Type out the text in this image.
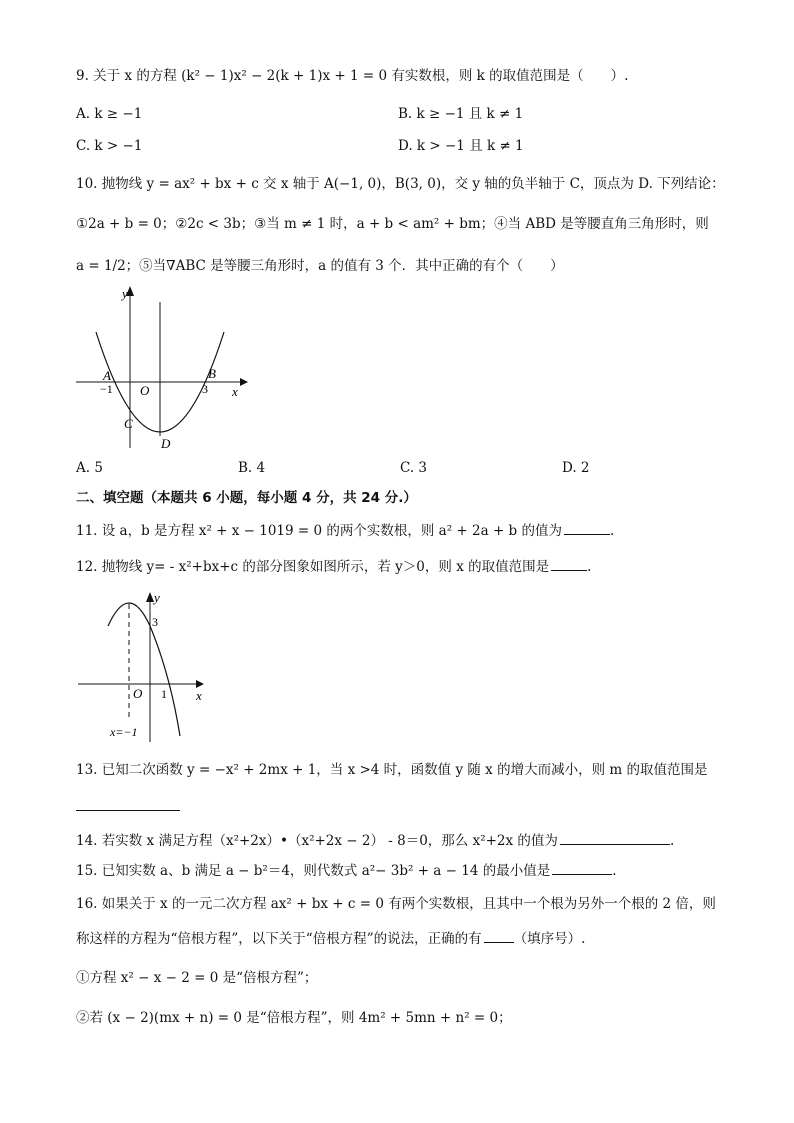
9. 关于 x 的方程 (k² − 1)x² − 2(k + 1)x + 1 = 0 有实数根，则 k 的取值范围是（　　）.
A. k ≥ −1	B. k ≥ −1 且 k ≠ 1
C. k > −1	D. k > −1 且 k ≠ 1
10. 抛物线 y = ax² + bx + c 交 x 轴于 A(−1, 0)，B(3, 0)，交 y 轴的负半轴于 C，顶点为 D. 下列结论：
①2a + b = 0；②2c < 3b；③当 m ≠ 1 时，a + b < am² + bm；④当 ABD 是等腰直角三角形时，则
a = 1/2；⑤当∇ABC 是等腰三角形时，a 的值有 3 个．其中正确的有个（　　）
y
x
A	B
C
D
O
−1	3
A. 5	B. 4	C. 3	D. 2
二、填空题（本题共 6 小题，每小题 4 分，共 24 分.）
11. 设 a，b 是方程 x² + x − 1019 = 0 的两个实数根，则 a² + 2a + b 的值为	.
12. 抛物线 y= - x²+bx+c 的部分图象如图所示，若 y＞0，则 x 的取值范围是	.
y
x
3
O 1
x=−1
13. 已知二次函数 y = −x² + 2mx + 1，当 x >4 时，函数值 y 随 x 的增大而减小，则 m 的取值范围是
14. 若实数 x 满足方程（x²+2x）•（x²+2x − 2） - 8＝0，那么 x²+2x 的值为	.
15. 已知实数 a、b 满足 a − b²＝4，则代数式 a²− 3b² + a − 14 的最小值是	.
16. 如果关于 x 的一元二次方程 ax² + bx + c = 0 有两个实数根，且其中一个根为另外一个根的 2 倍，则
称这样的方程为“倍根方程”，以下关于“倍根方程”的说法，正确的有 （填序号）.
①方程 x² − x − 2 = 0 是“倍根方程”；
②若 (x − 2)(mx + n) = 0 是“倍根方程”，则 4m² + 5mn + n² = 0；
